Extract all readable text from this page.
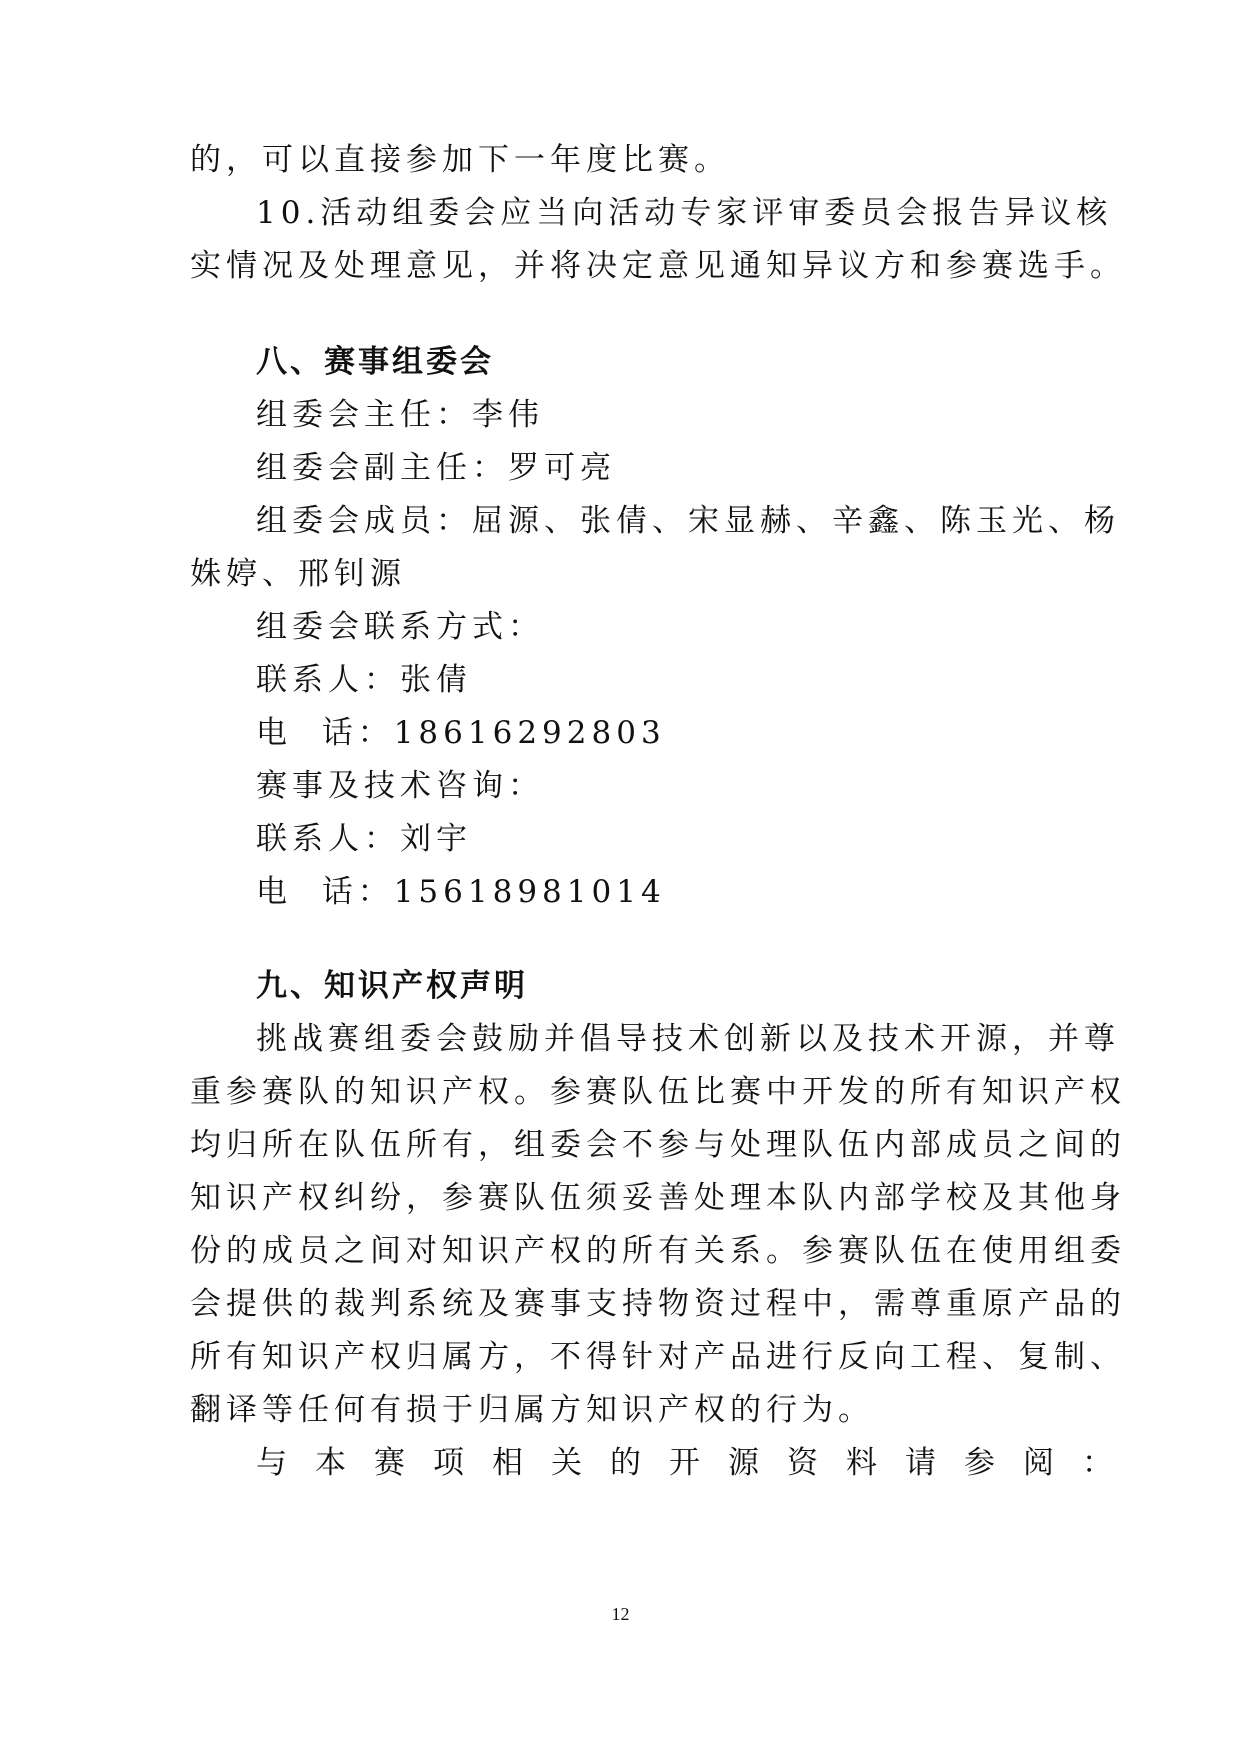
的，可以直接参加下一年度比赛。
10.活动组委会应当向活动专家评审委员会报告异议核
实情况及处理意见，并将决定意见通知异议方和参赛选手。
八、赛事组委会
组委会主任：李伟
组委会副主任：罗可亮
组委会成员：屈源、张倩、宋显赫、辛鑫、陈玉光、杨
姝婷、邢钊源
组委会联系方式：
联系人：张倩
电  话：18616292803
赛事及技术咨询：
联系人：刘宇
电  话：15618981014
九、知识产权声明
挑战赛组委会鼓励并倡导技术创新以及技术开源，并尊
重参赛队的知识产权。参赛队伍比赛中开发的所有知识产权
均归所在队伍所有，组委会不参与处理队伍内部成员之间的
知识产权纠纷，参赛队伍须妥善处理本队内部学校及其他身
份的成员之间对知识产权的所有关系。参赛队伍在使用组委
会提供的裁判系统及赛事支持物资过程中，需尊重原产品的
所有知识产权归属方，不得针对产品进行反向工程、复制、
翻译等任何有损于归属方知识产权的行为。
与本赛项相关的开源资料请参阅：
12
